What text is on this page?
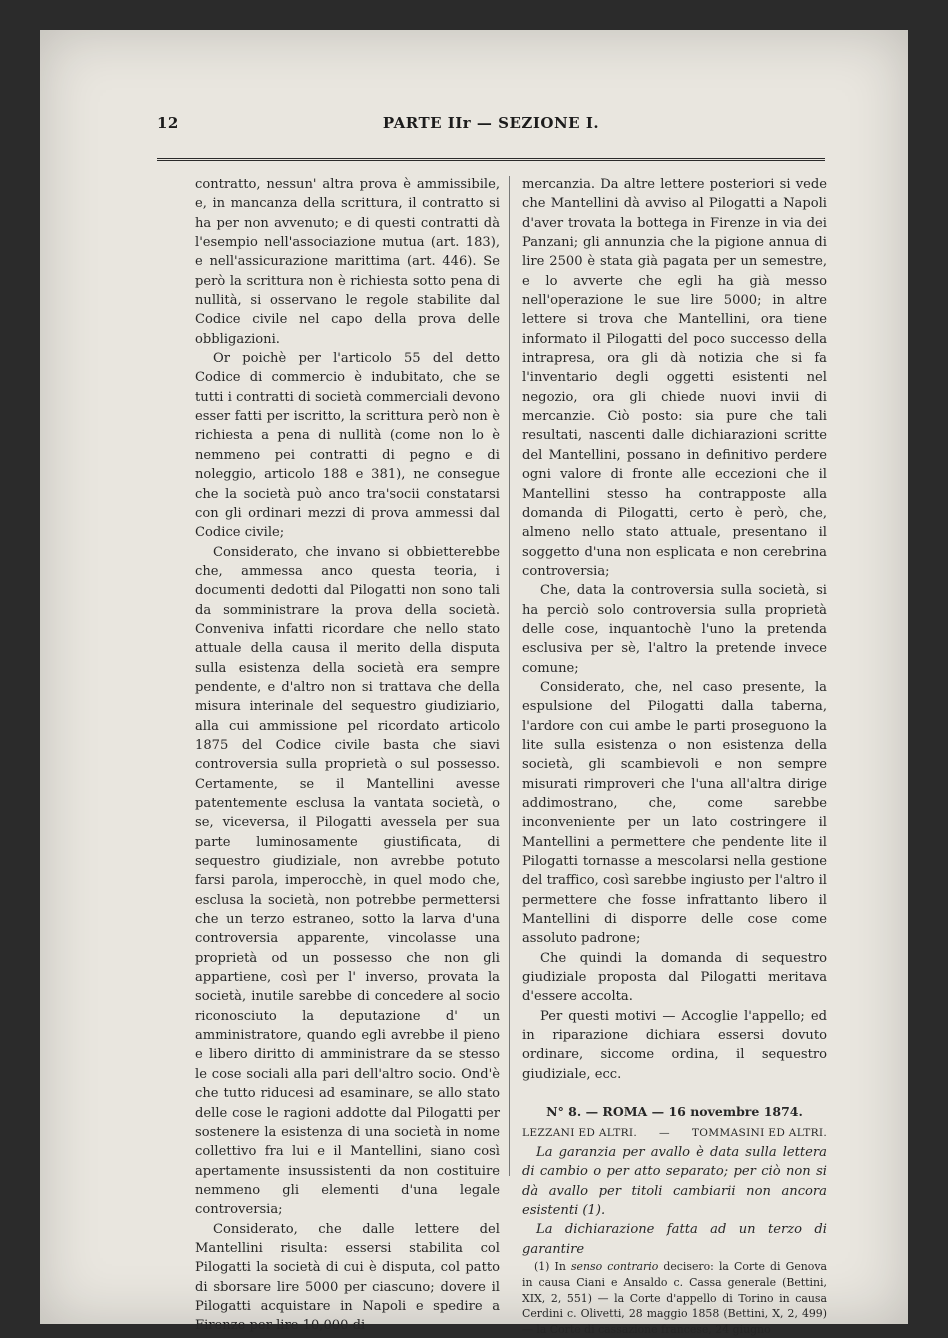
12	PARTE IIr — SEZIONE I.

contratto, nessun' altra prova è ammissibile, e, in mancanza della scrittura, il contratto si ha per non avvenuto; e di questi contratti dà l'esempio nell'associazione mutua (art. 183), e nell'assicurazione marittima (art. 446). Se però la scrittura non è richiesta sotto pena di nullità, si osservano le regole stabilite dal Codice civile nel capo della prova delle obbligazioni.

Or poichè per l'articolo 55 del detto Codice di commercio è indubitato, che se tutti i contratti di società commerciali devono esser fatti per iscritto, la scrittura però non è richiesta a pena di nullità (come non lo è nemmeno pei contratti di pegno e di noleggio, articolo 188 e 381), ne consegue che la società può anco tra'socii constatarsi con gli ordinari mezzi di prova ammessi dal Codice civile;

Considerato, che invano si obbietterebbe che, ammessa anco questa teoria, i documenti dedotti dal Pilogatti non sono tali da somministrare la prova della società. Conveniva infatti ricordare che nello stato attuale della causa il merito della disputa sulla esistenza della società era sempre pendente, e d'altro non si trattava che della misura interinale del sequestro giudiziario, alla cui ammissione pel ricordato articolo 1875 del Codice civile basta che siavi controversia sulla proprietà o sul possesso. Certamente, se il Mantellini avesse patentemente esclusa la vantata società, o se, viceversa, il Pilogatti avessela per sua parte luminosamente giustificata, di sequestro giudiziale, non avrebbe potuto farsi parola, imperocchè, in quel modo che, esclusa la società, non potrebbe permettersi che un terzo estraneo, sotto la larva d'una controversia apparente, vincolasse una proprietà od un possesso che non gli appartiene, così per l' inverso, provata la società, inutile sarebbe di concedere al socio riconosciuto la deputazione d' un amministratore, quando egli avrebbe il pieno e libero diritto di amministrare da se stesso le cose sociali alla pari dell'altro socio. Ond'è che tutto riducesi ad esaminare, se allo stato delle cose le ragioni addotte dal Pilogatti per sostenere la esistenza di una società in nome collettivo fra lui e il Mantellini, siano così apertamente insussistenti da non costituire nemmeno gli elementi d'una legale controversia;

Considerato, che dalle lettere del Mantellini risulta: essersi stabilita col Pilogatti la società di cui è disputa, col patto di sborsare lire 5000 per ciascuno; dovere il Pilogatti acquistare in Napoli e spedire a Firenze per lire 10,000 di

mercanzia. Da altre lettere posteriori si vede che Mantellini dà avviso al Pilogatti a Napoli d'aver trovata la bottega in Firenze in via dei Panzani; gli annunzia che la pigione annua di lire 2500 è stata già pagata per un semestre, e lo avverte che egli ha già messo nell'operazione le sue lire 5000; in altre lettere si trova che Mantellini, ora tiene informato il Pilogatti del poco successo della intrapresa, ora gli dà notizia che si fa l'inventario degli oggetti esistenti nel negozio, ora gli chiede nuovi invii di mercanzie. Ciò posto: sia pure che tali resultati, nascenti dalle dichiarazioni scritte del Mantellini, possano in definitivo perdere ogni valore di fronte alle eccezioni che il Mantellini stesso ha contrapposte alla domanda di Pilogatti, certo è però, che, almeno nello stato attuale, presentano il soggetto d'una non esplicata e non cerebrina controversia;

Che, data la controversia sulla società, si ha perciò solo controversia sulla proprietà delle cose, inquantochè l'uno la pretenda esclusiva per sè, l'altro la pretende invece comune;

Considerato, che, nel caso presente, la espulsione del Pilogatti dalla taberna, l'ardore con cui ambe le parti proseguono la lite sulla esistenza o non esistenza della società, gli scambievoli e non sempre misurati rimproveri che l'una all'altra dirige addimostrano, che, come sarebbe inconveniente per un lato costringere il Mantellini a permettere che pendente lite il Pilogatti tornasse a mescolarsi nella gestione del traffico, così sarebbe ingiusto per l'altro il permettere che fosse infrattanto libero il Mantellini di disporre delle cose come assoluto padrone;

Che quindi la domanda di sequestro giudiziale proposta dal Pilogatti meritava d'essere accolta.

Per questi motivi — Accoglie l'appello; ed in riparazione dichiara essersi dovuto ordinare, siccome ordina, il sequestro giudiziale, ecc.

N° 8. — ROMA — 16 novembre 1874.
LEZZANI ED ALTRI. — TOMMASINI ED ALTRI.

La garanzia per avallo è data sulla lettera di cambio o per atto separato; per ciò non si dà avallo per titoli cambiarii non ancora esistenti (1).

La dichiarazione fatta ad un terzo di garantire

(1) In senso contrario decisero: la Corte di Genova in causa Ciani e Ansaldo c. Cassa generale (Bettini, XIX, 2, 551) — la Corte d'appello di Torino in causa Cerdini c. Olivetti, 28 maggio 1858 (Bettini, X, 2, 499) — la Corte di cassazione francese, 24 giugno
